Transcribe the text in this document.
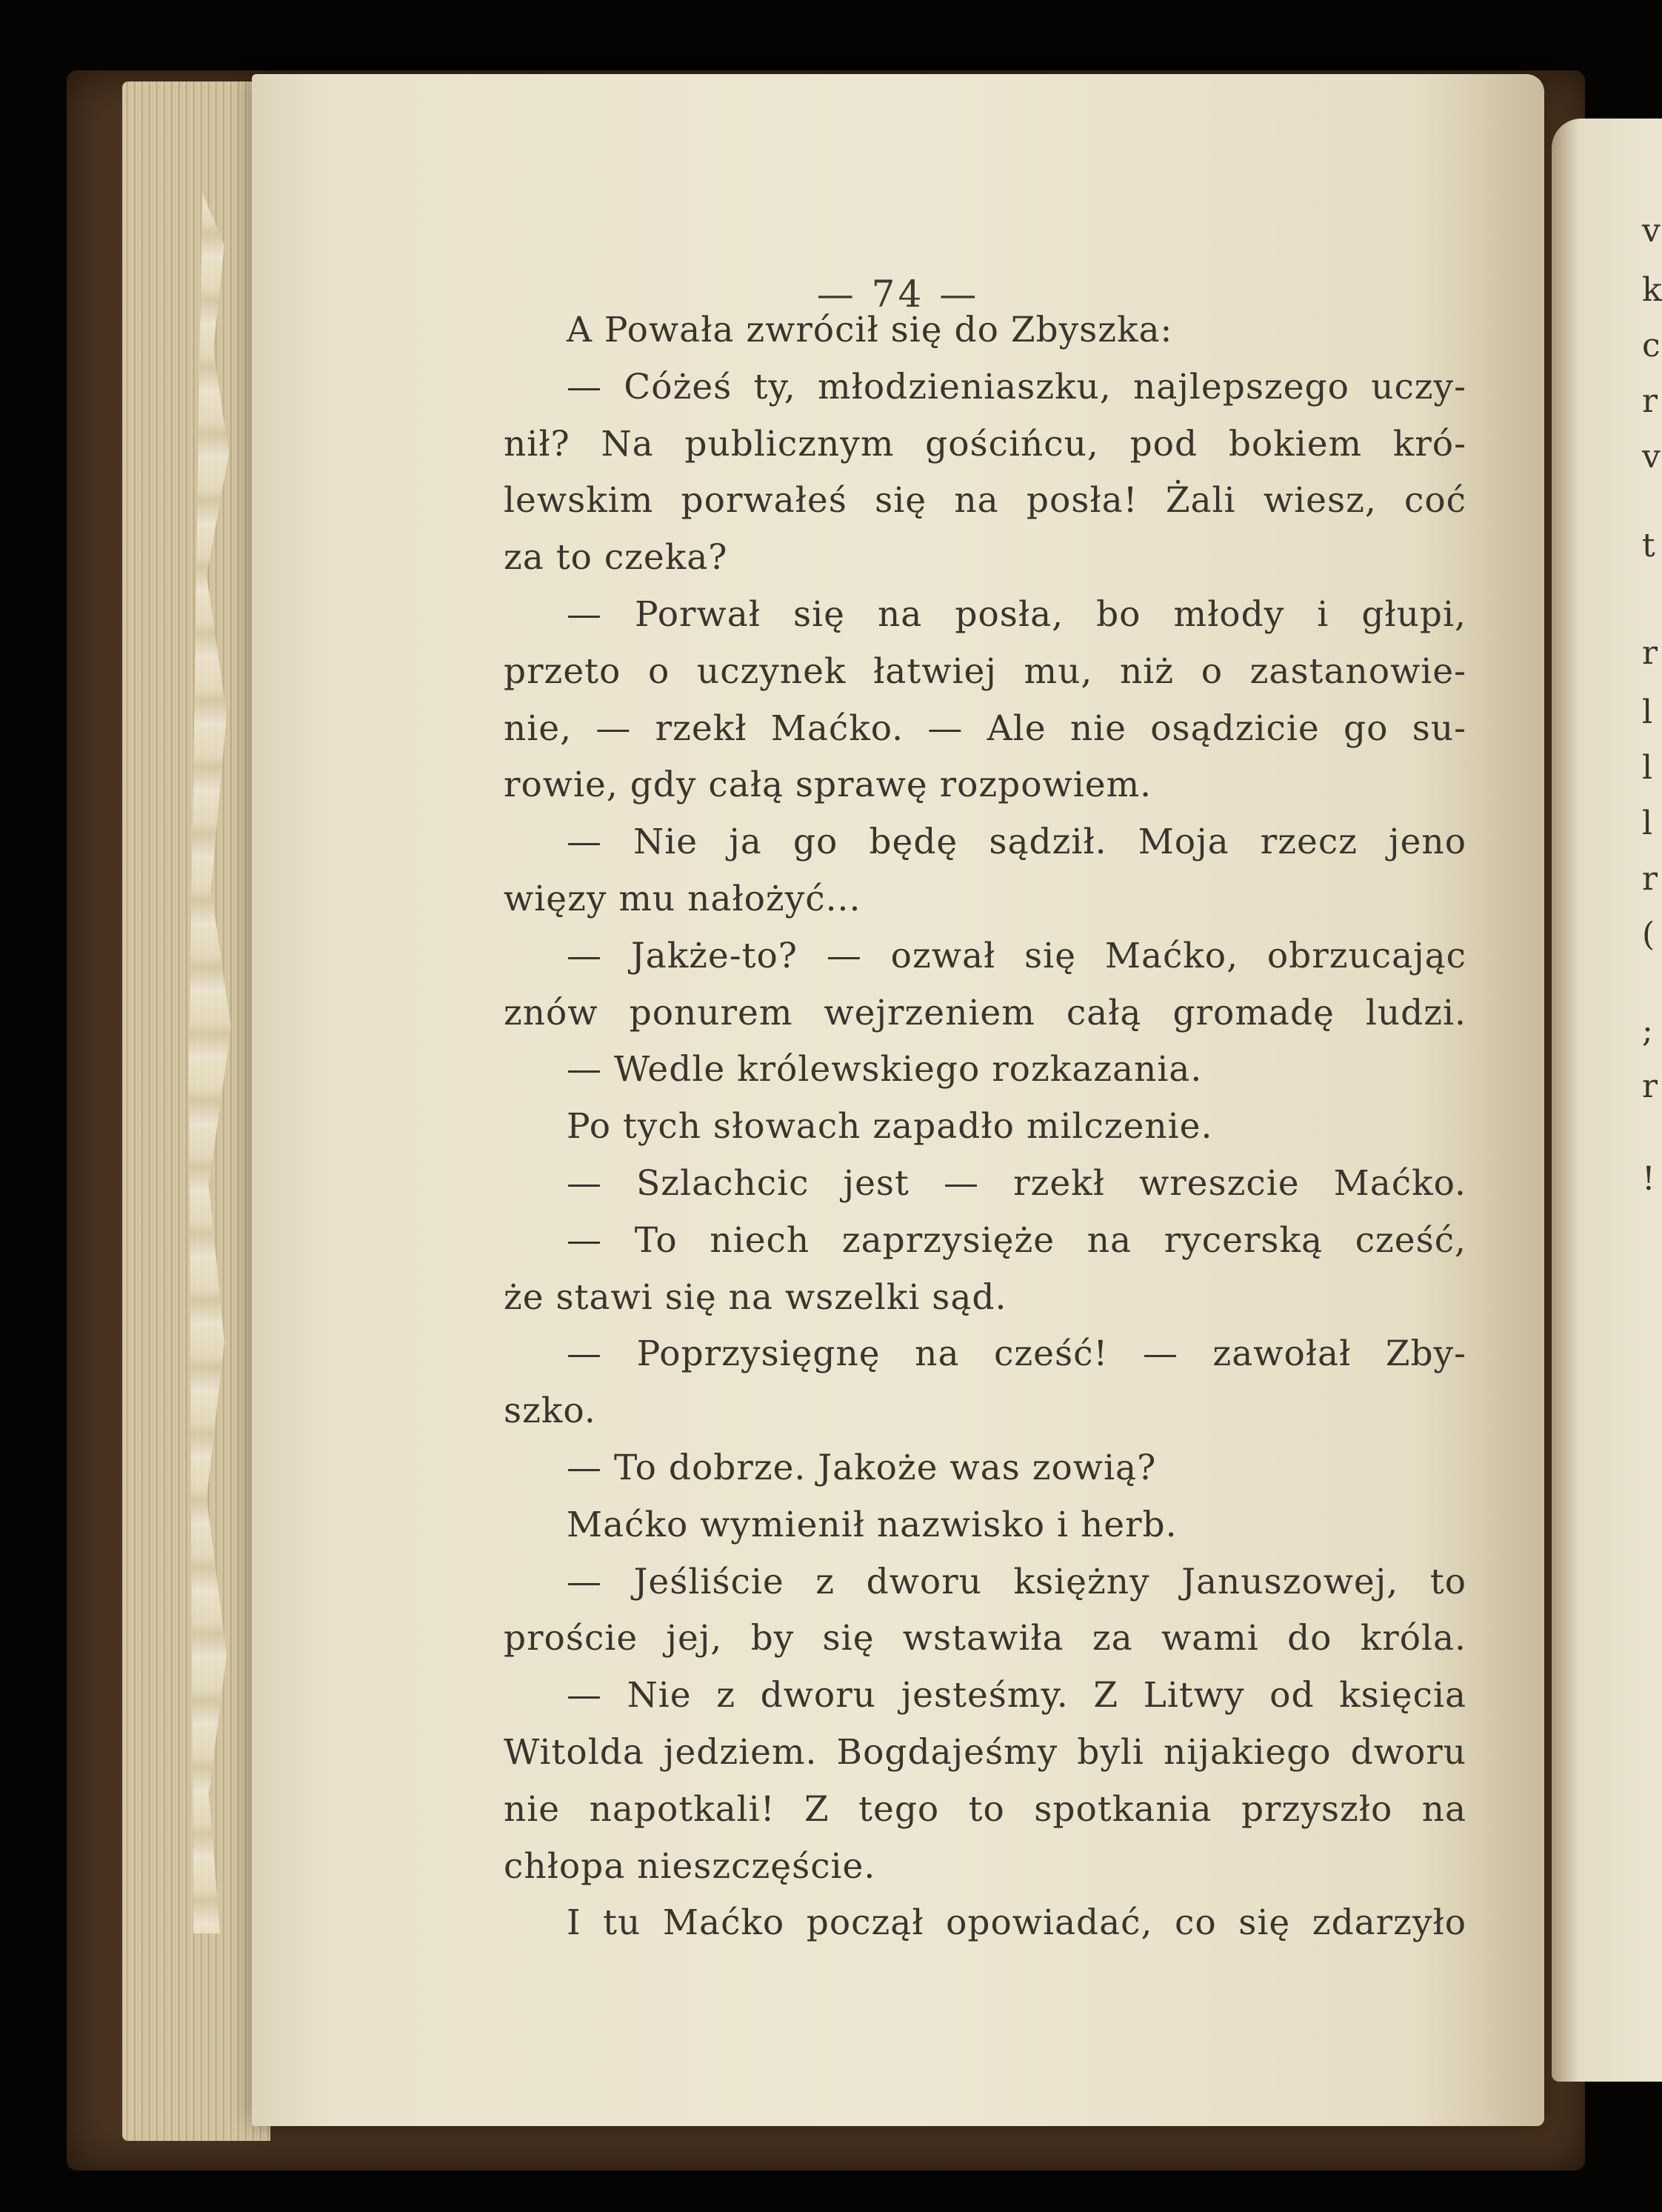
— 74 —
A Powała zwrócił się do Zbyszka:
— Cóżeś ty, młodzieniaszku, najlepszego uczy-
nił? Na publicznym gościńcu, pod bokiem kró-
lewskim porwałeś się na posła! Żali wiesz, coć
za to czeka?
— Porwał się na posła, bo młody i głupi,
przeto o uczynek łatwiej mu, niż o zastanowie-
nie, — rzekł Maćko. — Ale nie osądzicie go su-
rowie, gdy całą sprawę rozpowiem.
— Nie ja go będę sądził. Moja rzecz jeno
więzy mu nałożyć...
— Jakże-to? — ozwał się Maćko, obrzucając
znów ponurem wejrzeniem całą gromadę ludzi.
— Wedle królewskiego rozkazania.
Po tych słowach zapadło milczenie.
— Szlachcic jest — rzekł wreszcie Maćko.
— To niech zaprzysięże na rycerską cześć,
że stawi się na wszelki sąd.
— Poprzysięgnę na cześć! — zawołał Zby-
szko.
— To dobrze. Jakoże was zowią?
Maćko wymienił nazwisko i herb.
— Jeśliście z dworu księżny Januszowej, to
proście jej, by się wstawiła za wami do króla.
— Nie z dworu jesteśmy. Z Litwy od księcia
Witolda jedziem. Bogdajeśmy byli nijakiego dworu
nie napotkali! Z tego to spotkania przyszło na
chłopa nieszczęście.
I tu Maćko począł opowiadać, co się zdarzyło
v
k
c
r
v
t
r
l
l
l
r
(
;
r
!
